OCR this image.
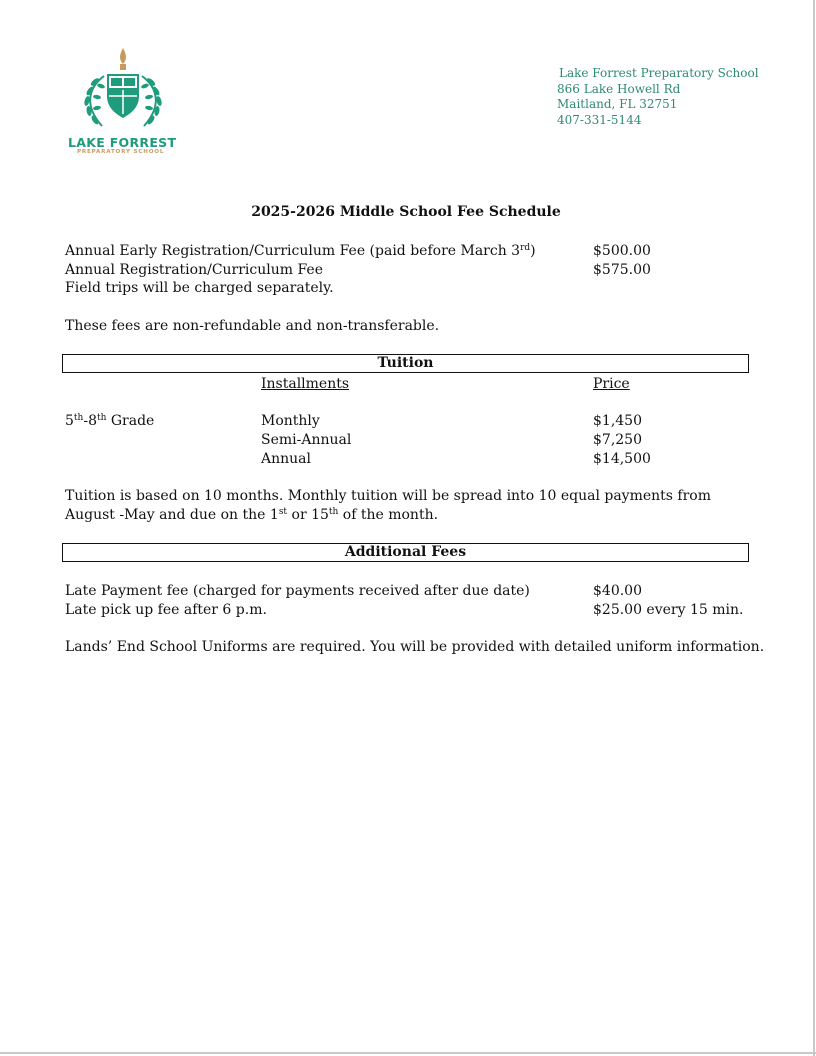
LAKE FORREST
PREPARATORY SCHOOL
Lake Forrest Preparatory School
866 Lake Howell Rd
Maitland, FL 32751
407-331-5144
2025-2026 Middle School Fee Schedule
Annual Early Registration/Curriculum Fee (paid before March 3rd)	$500.00
Annual Registration/Curriculum Fee	$575.00
Field trips will be charged separately.
These fees are non-refundable and non-transferable.
Tuition
Installments	Price
5th-8th Grade	Monthly	$1,450
Semi-Annual	$7,250
Annual	$14,500
Tuition is based on 10 months. Monthly tuition will be spread into 10 equal payments from
August -May and due on the 1st or 15th of the month.
Additional Fees
Late Payment fee (charged for payments received after due date)	$40.00
Late pick up fee after 6 p.m.	$25.00 every 15 min.
Lands’ End School Uniforms are required. You will be provided with detailed uniform information.
